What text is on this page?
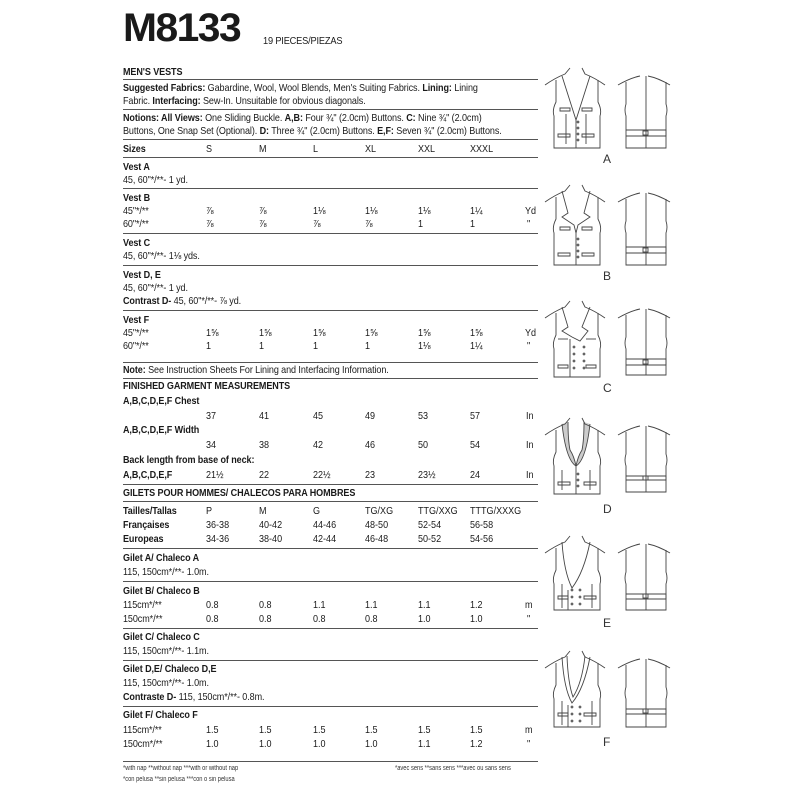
M8133 19 PIECES/PIEZAS
MEN'S VESTS
Suggested Fabrics: Gabardine, Wool, Wool Blends, Men's Suiting Fabrics. Lining: Lining
Fabric. Interfacing: Sew-In. Unsuitable for obvious diagonals.
Notions: All Views: One Sliding Buckle. A,B: Four ¾" (2.0cm) Buttons. C: Nine ¾" (2.0cm)
Buttons, One Snap Set (Optional). D: Three ¾" (2.0cm) Buttons. E,F: Seven ¾" (2.0cm) Buttons.
Sizes	S	M	L	XL	XXL	XXXL
Vest A
45, 60"*/**- 1 yd.
Vest B
45"*/**	⅞	⅞	1⅛	1⅛	1⅛	1¼	Yd
60"*/**	⅞	⅞	⅞	⅞	1	1	"
Vest C
45, 60"*/**- 1⅛ yds.
Vest D, E
45, 60"*/**- 1 yd.
Contrast D- 45, 60"*/**- ⅞ yd.
Vest F
45"*/**	1⅝	1⅝	1⅝	1⅝	1⅝	1⅝	Yd
60"*/**	1	1	1	1	1⅛	1¼	"
Note: See Instruction Sheets For Lining and Interfacing Information.
FINISHED GARMENT MEASUREMENTS
A,B,C,D,E,F Chest
37	41	45	49	53	57	In
A,B,C,D,E,F Width
34	38	42	46	50	54	In
Back length from base of neck:
A,B,C,D,E,F	21½	22	22½	23	23½	24	In
GILETS POUR HOMMES/ CHALECOS PARA HOMBRES
Tailles/Tallas	P	M	G	TG/XG TTG/XXG TTTG/XXXG
Françaises	36-38	40-42	44-46	48-50	52-54	56-58
Europeas	34-36	38-40	42-44	46-48	50-52	54-56
Gilet A/ Chaleco A
115, 150cm*/**- 1.0m.
Gilet B/ Chaleco B
115cm*/**	0.8	0.8	1.1	1.1	1.1	1.2	m
150cm*/**	0.8	0.8	0.8	0.8	1.0	1.0	"
Gilet C/ Chaleco C
115, 150cm*/**- 1.1m.
Gilet D,E/ Chaleco D,E
115, 150cm*/**- 1.0m.
Contraste D- 115, 150cm*/**- 0.8m.
Gilet F/ Chaleco F
115cm*/**	1.5	1.5	1.5	1.5	1.5	1.5	m
150cm*/**	1.0	1.0	1.0	1.0	1.1	1.2	"
*with nap **without nap ***with or without nap
*con pelusa **sin pelusa ***con o sin pelusa
*avec sens **sans sens ***avec ou sans sens
A
B
C
D
E
F
